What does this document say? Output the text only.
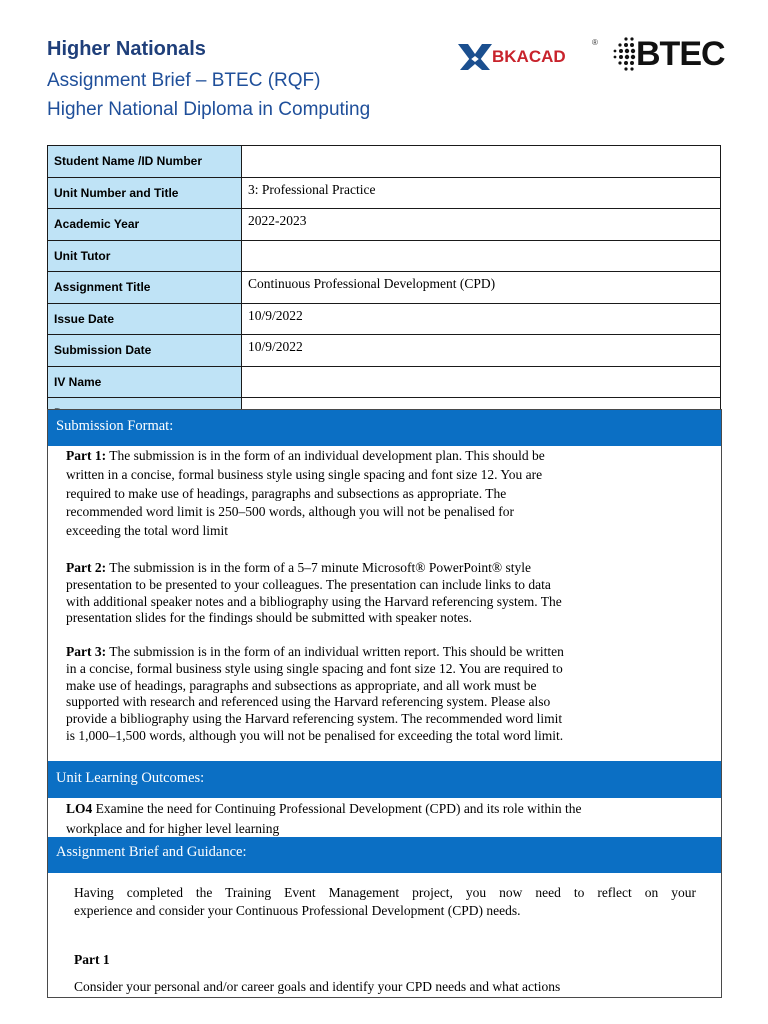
Higher Nationals
Assignment Brief – BTEC (RQF)
Higher National Diploma in Computing
BKACAD
® BTEC
Student Name /ID Number	
Unit Number and Title	3: Professional Practice
Academic Year	2022-2023
Unit Tutor	
Assignment Title	Continuous Professional Development (CPD)
Issue Date	10/9/2022
Submission Date	10/9/2022
IV Name	

Submission Format:
Part 1: The submission is in the form of an individual development plan. This should be
written in a concise, formal business style using single spacing and font size 12. You are
required to make use of headings, paragraphs and subsections as appropriate. The
recommended word limit is 250–500 words, although you will not be penalised for
exceeding the total word limit
Part 2: The submission is in the form of a 5–7 minute Microsoft® PowerPoint® style
presentation to be presented to your colleagues. The presentation can include links to data
with additional speaker notes and a bibliography using the Harvard referencing system. The
presentation slides for the findings should be submitted with speaker notes.
Part 3: The submission is in the form of an individual written report. This should be written
in a concise, formal business style using single spacing and font size 12. You are required to
make use of headings, paragraphs and subsections as appropriate, and all work must be
supported with research and referenced using the Harvard referencing system. Please also
provide a bibliography using the Harvard referencing system. The recommended word limit
is 1,000–1,500 words, although you will not be penalised for exceeding the total word limit.
Unit Learning Outcomes:
LO4 Examine the need for Continuing Professional Development (CPD) and its role within the
workplace and for higher level learning
Assignment Brief and Guidance:
Having completed the Training Event Management project, you now need to reflect on your
experience and consider your Continuous Professional Development (CPD) needs.
Part 1
Consider your personal and/or career goals and identify your CPD needs and what actions
